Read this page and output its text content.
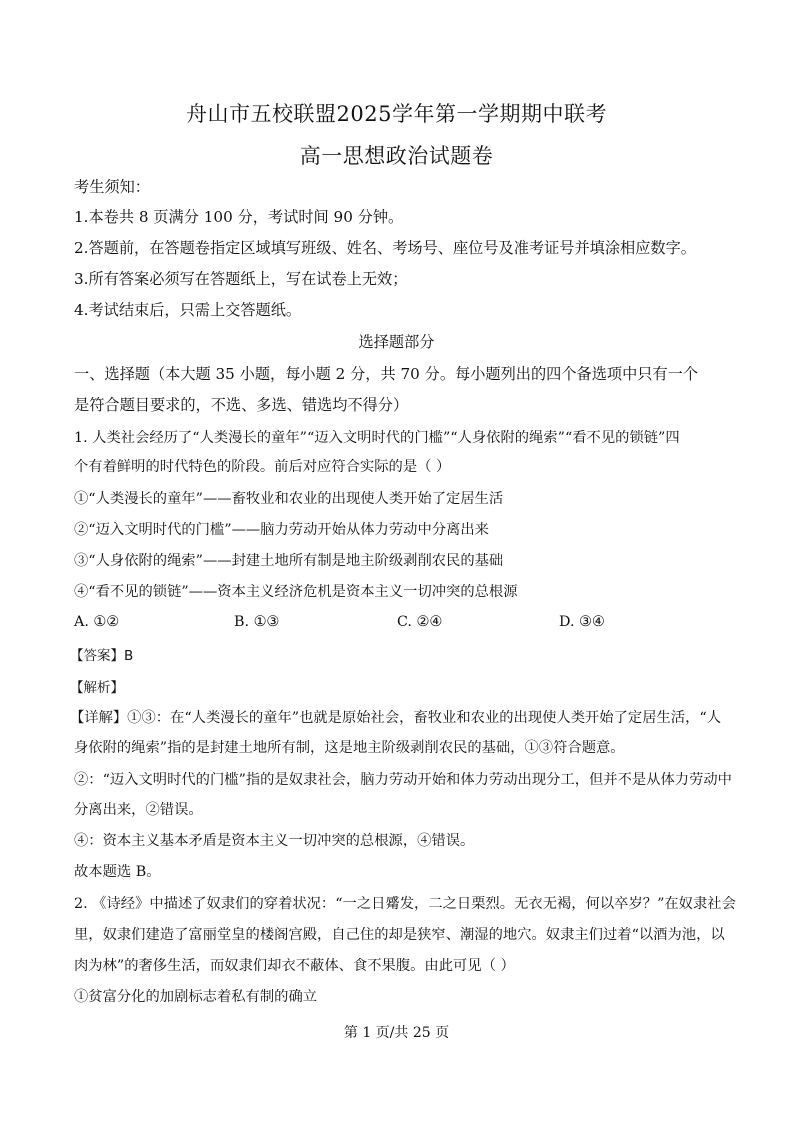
舟山市五校联盟2025学年第一学期期中联考
高一思想政治试题卷
考生须知：
1.本卷共 8 页满分 100 分，考试时间 90 分钟。
2.答题前，在答题卷指定区域填写班级、姓名、考场号、座位号及准考证号并填涂相应数字。
3.所有答案必须写在答题纸上，写在试卷上无效；
4.考试结束后，只需上交答题纸。
选择题部分
一、选择题（本大题 35 小题，每小题 2 分，共 70 分。每小题列出的四个备选项中只有一个
是符合题目要求的，不选、多选、错选均不得分）
1. 人类社会经历了“人类漫长的童年”“迈入文明时代的门槛”“人身依附的绳索”“看不见的锁链”四
个有着鲜明的时代特色的阶段。前后对应符合实际的是（ ）
①“人类漫长的童年”——畜牧业和农业的出现使人类开始了定居生活
②“迈入文明时代的门槛”——脑力劳动开始从体力劳动中分离出来
③“人身依附的绳索”——封建土地所有制是地主阶级剥削农民的基础
④“看不见的锁链”——资本主义经济危机是资本主义一切冲突的总根源
A. ①②	B. ①③	C. ②④	D. ③④
【答案】B
【解析】
【详解】①③：在“人类漫长的童年”也就是原始社会，畜牧业和农业的出现使人类开始了定居生活，“人
身依附的绳索”指的是封建土地所有制，这是地主阶级剥削农民的基础，①③符合题意。
②：“迈入文明时代的门槛”指的是奴隶社会，脑力劳动开始和体力劳动出现分工，但并不是从体力劳动中
分离出来，②错误。
④：资本主义基本矛盾是资本主义一切冲突的总根源，④错误。
故本题选 B。
2. 《诗经》中描述了奴隶们的穿着状况：“一之日觱发，二之日栗烈。无衣无褐，何以卒岁？”在奴隶社会
里，奴隶们建造了富丽堂皇的楼阁宫殿，自己住的却是狭窄、潮湿的地穴。奴隶主们过着“以酒为池，以
肉为林”的奢侈生活，而奴隶们却衣不蔽体、食不果腹。由此可见（ ）
①贫富分化的加剧标志着私有制的确立
第 1 页/共 25 页
